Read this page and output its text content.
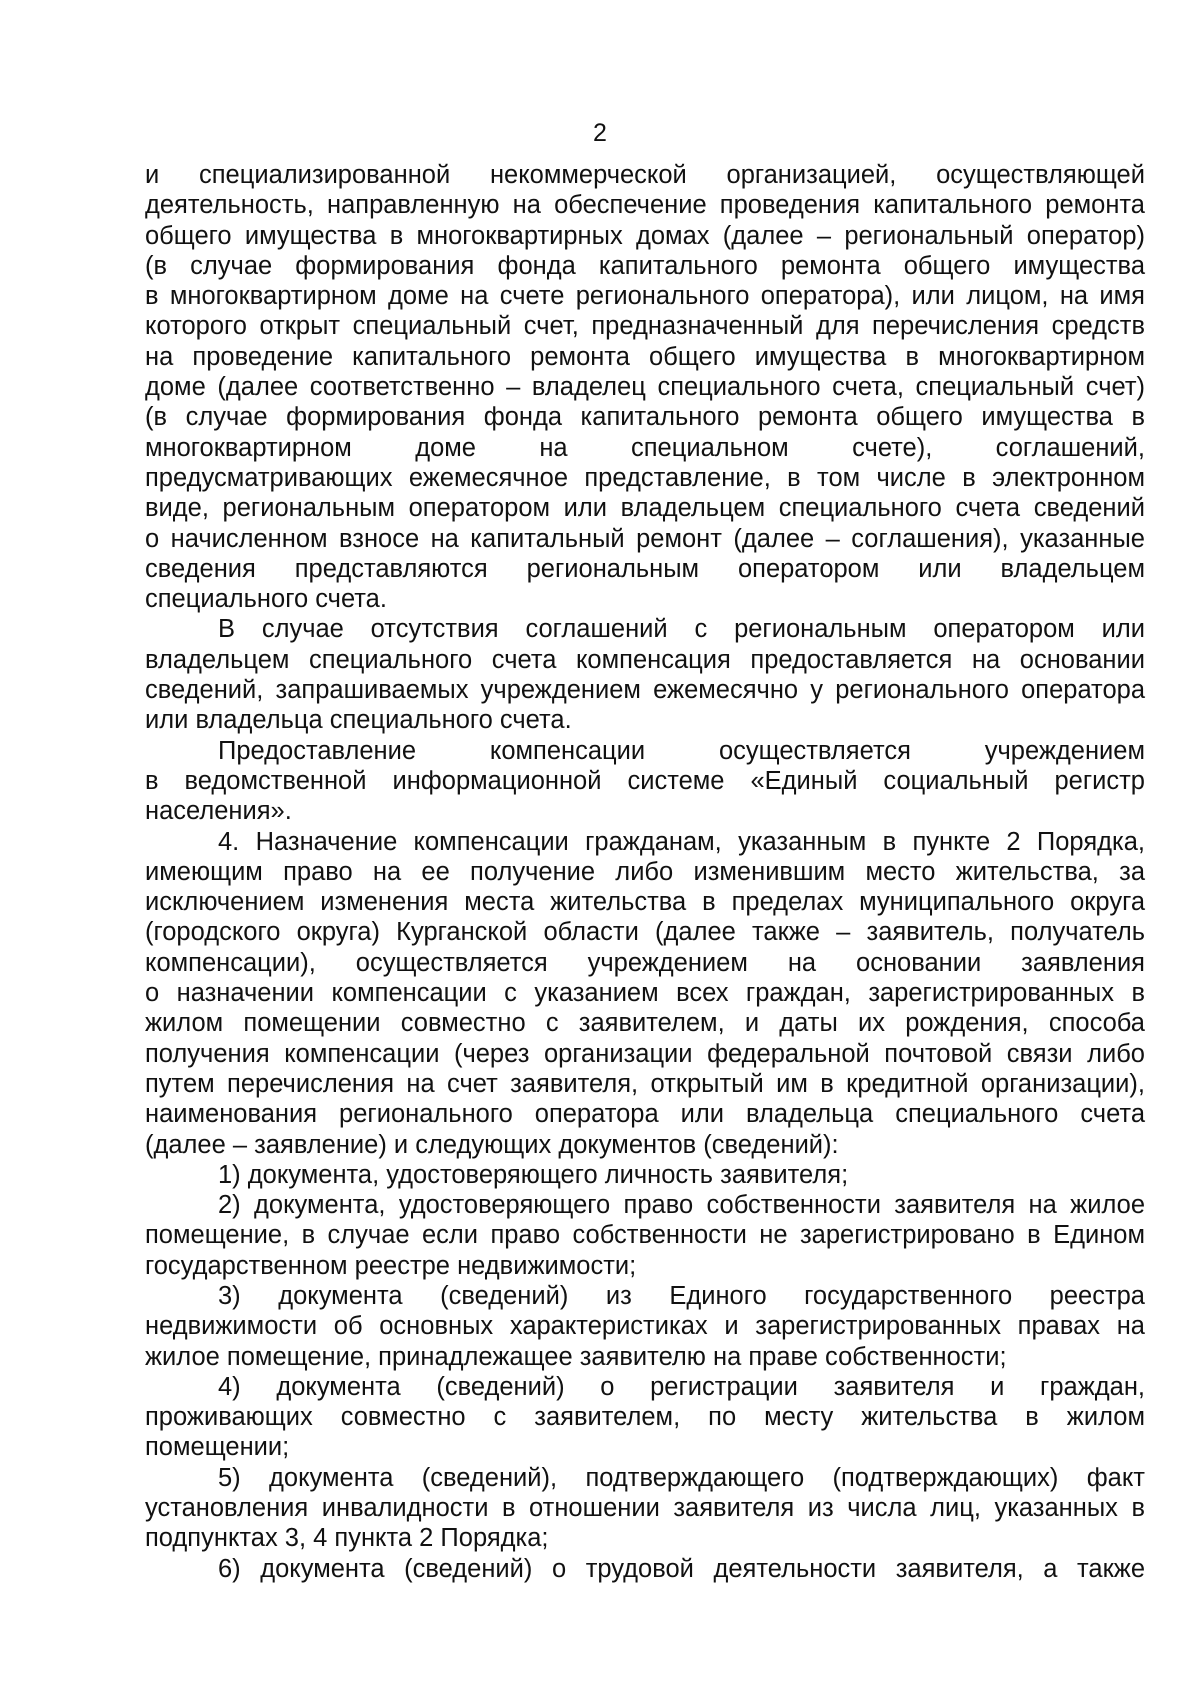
2
и специализированной некоммерческой организацией, осуществляющей
деятельность, направленную на обеспечение проведения капитального ремонта
общего имущества в многоквартирных домах (далее – региональный оператор)
(в случае формирования фонда капитального ремонта общего имущества
в многоквартирном доме на счете регионального оператора), или лицом, на имя
которого открыт специальный счет, предназначенный для перечисления средств
на проведение капитального ремонта общего имущества в многоквартирном
доме (далее соответственно – владелец специального счета, специальный счет)
(в случае формирования фонда капитального ремонта общего имущества в
многоквартирном доме на специальном счете), соглашений,
предусматривающих ежемесячное представление, в том числе в электронном
виде, региональным оператором или владельцем специального счета сведений
о начисленном взносе на капитальный ремонт (далее – соглашения), указанные
сведения представляются региональным оператором или владельцем
специального счета.
В случае отсутствия соглашений с региональным оператором или
владельцем специального счета компенсация предоставляется на основании
сведений, запрашиваемых учреждением ежемесячно у регионального оператора
или владельца специального счета.
Предоставление компенсации осуществляется учреждением
в ведомственной информационной системе «Единый социальный регистр
населения».
4. Назначение компенсации гражданам, указанным в пункте 2 Порядка,
имеющим право на ее получение либо изменившим место жительства, за
исключением изменения места жительства в пределах муниципального округа
(городского округа) Курганской области (далее также – заявитель, получатель
компенсации), осуществляется учреждением на основании заявления
о назначении компенсации с указанием всех граждан, зарегистрированных в
жилом помещении совместно с заявителем, и даты их рождения, способа
получения компенсации (через организации федеральной почтовой связи либо
путем перечисления на счет заявителя, открытый им в кредитной организации),
наименования регионального оператора или владельца специального счета
(далее – заявление) и следующих документов (сведений):
1) документа, удостоверяющего личность заявителя;
2) документа, удостоверяющего право собственности заявителя на жилое
помещение, в случае если право собственности не зарегистрировано в Едином
государственном реестре недвижимости;
3) документа (сведений) из Единого государственного реестра
недвижимости об основных характеристиках и зарегистрированных правах на
жилое помещение, принадлежащее заявителю на праве собственности;
4) документа (сведений) о регистрации заявителя и граждан,
проживающих совместно с заявителем, по месту жительства в жилом
помещении;
5) документа (сведений), подтверждающего (подтверждающих) факт
установления инвалидности в отношении заявителя из числа лиц, указанных в
подпунктах 3, 4 пункта 2 Порядка;
6) документа (сведений) о трудовой деятельности заявителя, а также
